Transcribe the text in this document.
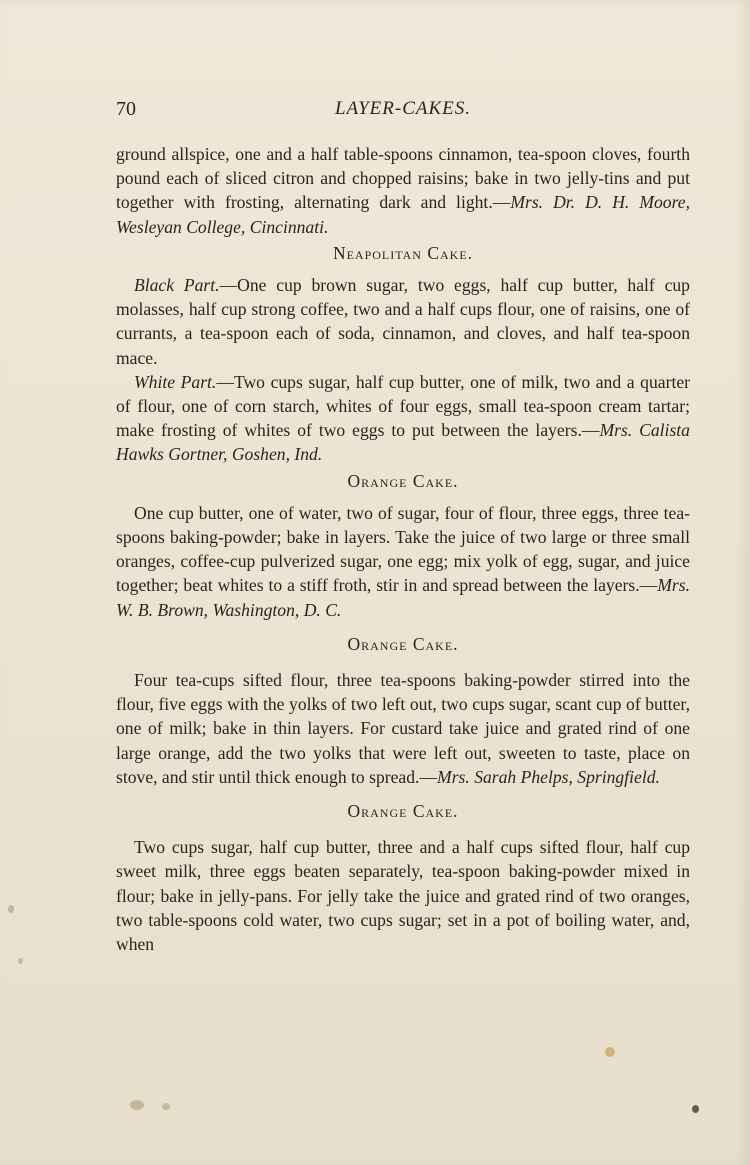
70	LAYER-CAKES.

ground allspice, one and a half table-spoons cinnamon, tea-spoon cloves, fourth pound each of sliced citron and chopped raisins; bake in two jelly-tins and put together with frosting, alternating dark and light.—Mrs. Dr. D. H. Moore, Wesleyan College, Cincinnati.

Neapolitan Cake.

Black Part.—One cup brown sugar, two eggs, half cup butter, half cup molasses, half cup strong coffee, two and a half cups flour, one of raisins, one of currants, a tea-spoon each of soda, cinnamon, and cloves, and half tea-spoon mace.

White Part.—Two cups sugar, half cup butter, one of milk, two and a quarter of flour, one of corn starch, whites of four eggs, small tea-spoon cream tartar; make frosting of whites of two eggs to put between the layers.—Mrs. Calista Hawks Gortner, Goshen, Ind.

Orange Cake.

One cup butter, one of water, two of sugar, four of flour, three eggs, three tea-spoons baking-powder; bake in layers. Take the juice of two large or three small oranges, coffee-cup pulverized sugar, one egg; mix yolk of egg, sugar, and juice together; beat whites to a stiff froth, stir in and spread between the layers.—Mrs. W. B. Brown, Washington, D. C.

Orange Cake.

Four tea-cups sifted flour, three tea-spoons baking-powder stirred into the flour, five eggs with the yolks of two left out, two cups sugar, scant cup of butter, one of milk; bake in thin layers. For custard take juice and grated rind of one large orange, add the two yolks that were left out, sweeten to taste, place on stove, and stir until thick enough to spread.—Mrs. Sarah Phelps, Springfield.

Orange Cake.

Two cups sugar, half cup butter, three and a half cups sifted flour, half cup sweet milk, three eggs beaten separately, tea-spoon baking-powder mixed in flour; bake in jelly-pans. For jelly take the juice and grated rind of two oranges, two table-spoons cold water, two cups sugar; set in a pot of boiling water, and, when
